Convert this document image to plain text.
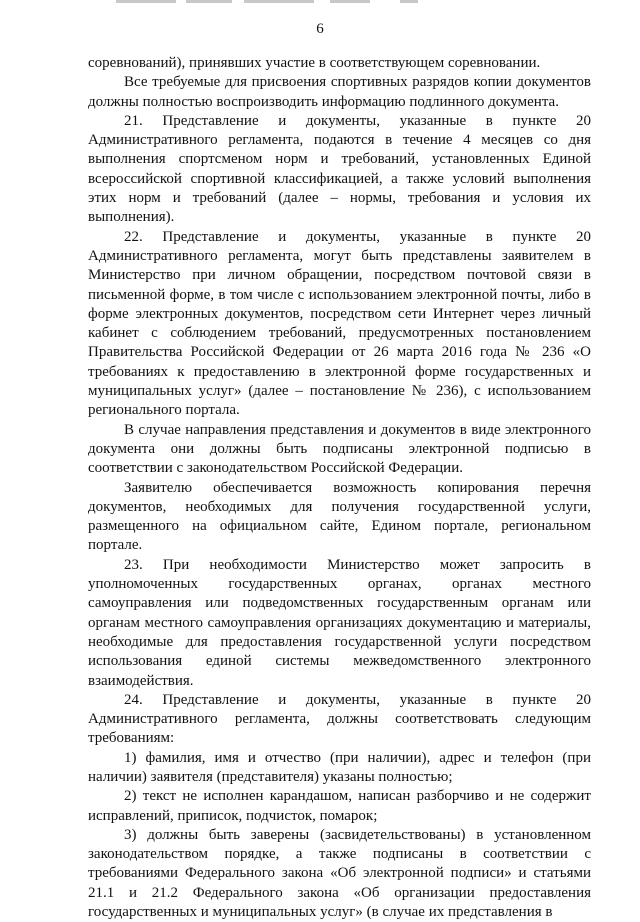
6

соревнований), принявших участие в соответствующем соревновании.

Все требуемые для присвоения спортивных разрядов копии документов должны полностью воспроизводить информацию подлинного документа.

21. Представление и документы, указанные в пункте 20 Административного регламента, подаются в течение 4 месяцев со дня выполнения спортсменом норм и требований, установленных Единой всероссийской спортивной классификацией, а также условий выполнения этих норм и требований (далее – нормы, требования и условия их выполнения).

22. Представление и документы, указанные в пункте 20 Административного регламента, могут быть представлены заявителем в Министерство при личном обращении, посредством почтовой связи в письменной форме, в том числе с использованием электронной почты, либо в форме электронных документов, посредством сети Интернет через личный кабинет с соблюдением требований, предусмотренных постановлением Правительства Российской Федерации от 26 марта 2016 года № 236 «О требованиях к предоставлению в электронной форме государственных и муниципальных услуг» (далее – постановление № 236), с использованием регионального портала.

В случае направления представления и документов в виде электронного документа они должны быть подписаны электронной подписью в соответствии с законодательством Российской Федерации.

Заявителю обеспечивается возможность копирования перечня документов, необходимых для получения государственной услуги, размещенного на официальном сайте, Едином портале, региональном портале.

23. При необходимости Министерство может запросить в уполномоченных государственных органах, органах местного самоуправления или подведомственных государственным органам или органам местного самоуправления организациях документацию и материалы, необходимые для предоставления государственной услуги посредством использования единой системы межведомственного электронного взаимодействия.

24. Представление и документы, указанные в пункте 20 Административного регламента, должны соответствовать следующим требованиям:

1) фамилия, имя и отчество (при наличии), адрес и телефон (при наличии) заявителя (представителя) указаны полностью;

2) текст не исполнен карандашом, написан разборчиво и не содержит исправлений, приписок, подчисток, помарок;

3) должны быть заверены (засвидетельствованы) в установленном законодательством порядке, а также подписаны в соответствии с требованиями Федерального закона «Об электронной подписи» и статьями 21.1 и 21.2 Федерального закона «Об организации предоставления государственных и муниципальных услуг» (в случае их представления в
